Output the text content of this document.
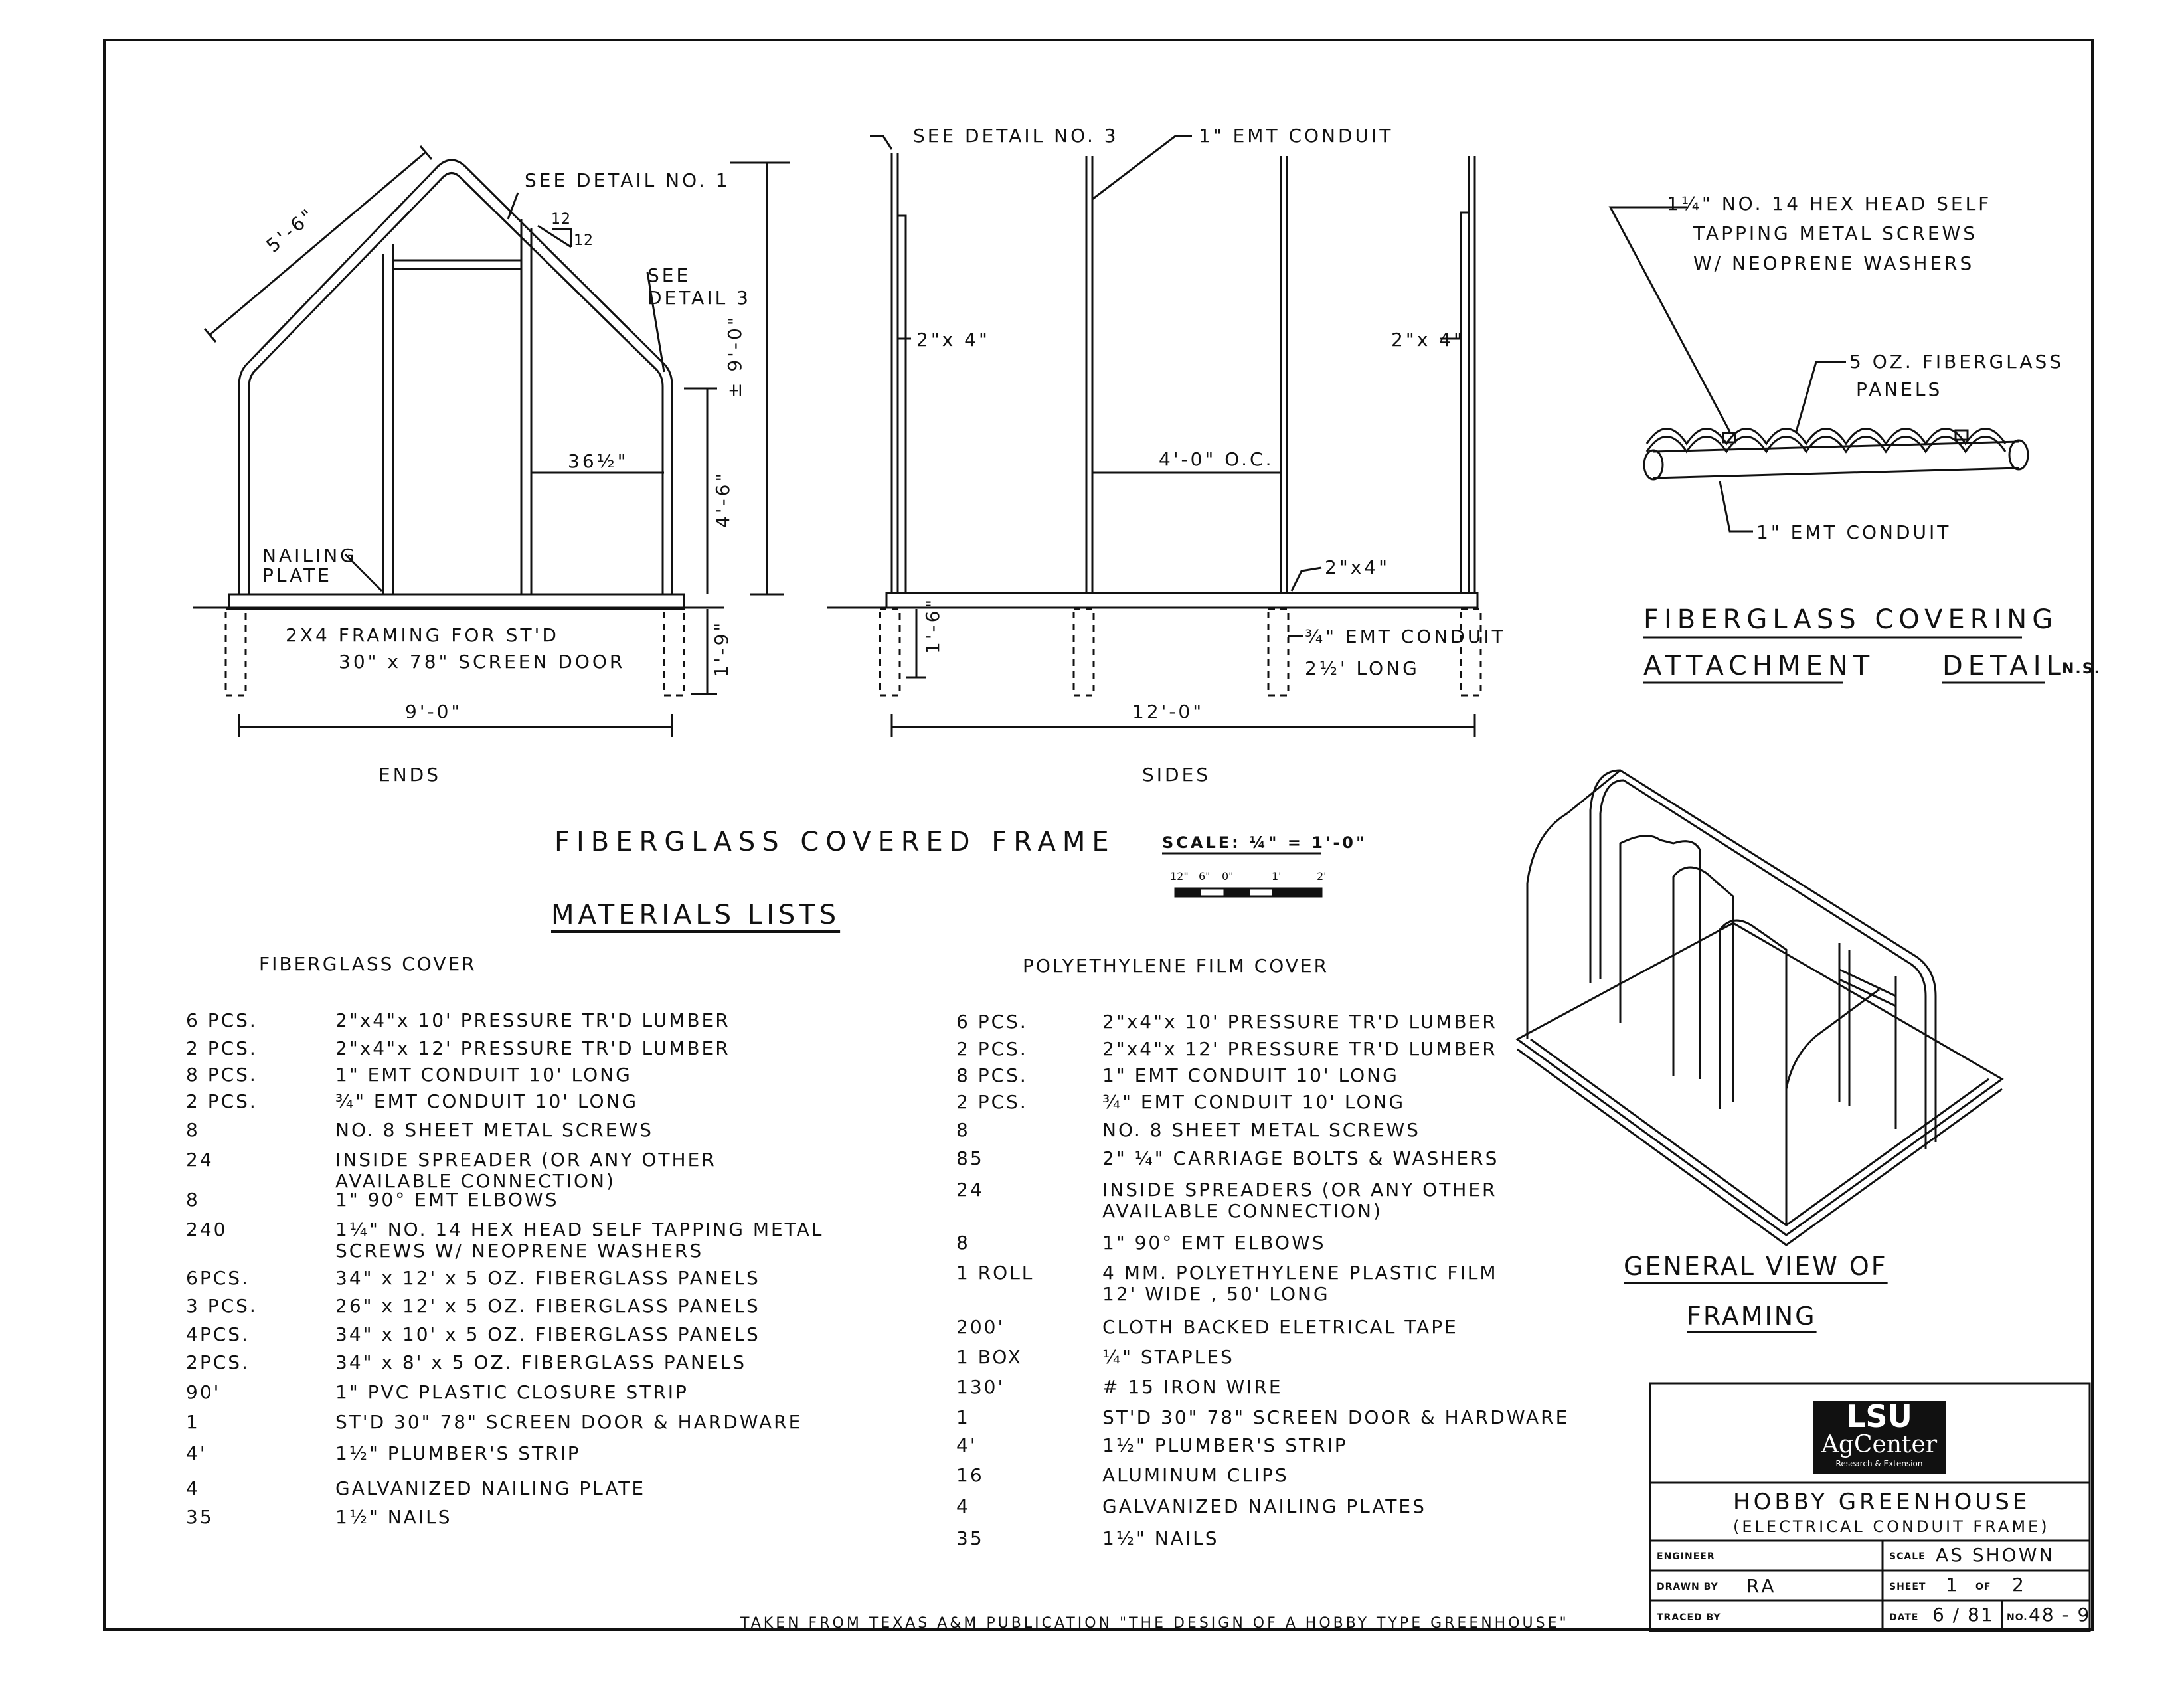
5'-6"
SEE DETAIL NO. 1
12
12
SEE
DETAIL 3
± 9'-0"
4'-6"
36½"
NAILING
PLATE
2X4 FRAMING FOR ST'D
30" x 78" SCREEN DOOR	1'-9"
9'-0"
ENDS
SEE DETAIL NO. 3	1" EMT CONDUIT
2"x 4"	2"x 4"
4'-0" O.C.
2"x4"
¾" EMT CONDUIT
2½' LONG
1'-6"
12'-0"
SIDES
1¼" NO. 14 HEX HEAD SELF
TAPPING METAL SCREWS
W/ NEOPRENE WASHERS
5 OZ. FIBERGLASS
PANELS
1" EMT CONDUIT
FIBERGLASS COVERING
ATTACHMENT	DETAIL
N.S.
FIBERGLASS COVERED FRAME	SCALE: ¼" = 1'-0"
12" 6" 0"	1'	2'
MATERIALS LISTS
FIBERGLASS COVER
6 PCS.	2"x4"x 10' PRESSURE TR'D LUMBER
2 PCS.	2"x4"x 12' PRESSURE TR'D LUMBER
8 PCS.	1" EMT CONDUIT 10' LONG
2 PCS.	¾" EMT CONDUIT 10' LONG
8	NO. 8 SHEET METAL SCREWS
24	INSIDE SPREADER (OR ANY OTHER
AVAILABLE CONNECTION)
8	1" 90° EMT ELBOWS
240	1¼" NO. 14 HEX HEAD SELF TAPPING METAL
SCREWS W/ NEOPRENE WASHERS
6PCS.	34" x 12' x 5 OZ. FIBERGLASS PANELS
3 PCS.	26" x 12' x 5 OZ. FIBERGLASS PANELS
4PCS.	34" x 10' x 5 OZ. FIBERGLASS PANELS
2PCS.	34" x 8' x 5 OZ. FIBERGLASS PANELS
90'	1" PVC PLASTIC CLOSURE STRIP
1	ST'D 30" 78" SCREEN DOOR & HARDWARE
4'	1½" PLUMBER'S STRIP
4	GALVANIZED NAILING PLATE
35	1½" NAILS
POLYETHYLENE FILM COVER
6 PCS.	2"x4"x 10' PRESSURE TR'D LUMBER
2 PCS.	2"x4"x 12' PRESSURE TR'D LUMBER
8 PCS.	1" EMT CONDUIT 10' LONG
2 PCS.	¾" EMT CONDUIT 10' LONG
8	NO. 8 SHEET METAL SCREWS
85	2" ¼" CARRIAGE BOLTS & WASHERS
24	INSIDE SPREADERS (OR ANY OTHER
AVAILABLE CONNECTION)
8	1" 90° EMT ELBOWS
1 ROLL	4 MM. POLYETHYLENE PLASTIC FILM
12' WIDE , 50' LONG
200'	CLOTH BACKED ELETRICAL TAPE
1 BOX	¼" STAPLES
130'	# 15 IRON WIRE
1	ST'D 30" 78" SCREEN DOOR & HARDWARE
4'	1½" PLUMBER'S STRIP
16	ALUMINUM CLIPS
4	GALVANIZED NAILING PLATES
35	1½" NAILS
GENERAL VIEW OF
FRAMING
TAKEN FROM TEXAS A&M PUBLICATION "THE DESIGN OF A HOBBY TYPE GREENHOUSE"
LSU
AgCenter
Research & Extension
HOBBY GREENHOUSE
(ELECTRICAL CONDUIT FRAME)
ENGINEER
DRAWN BY RA
TRACED BY
SCALE AS SHOWN
SHEET 1 OF 2
DATE 6 / 81 NO. 48 - 9
